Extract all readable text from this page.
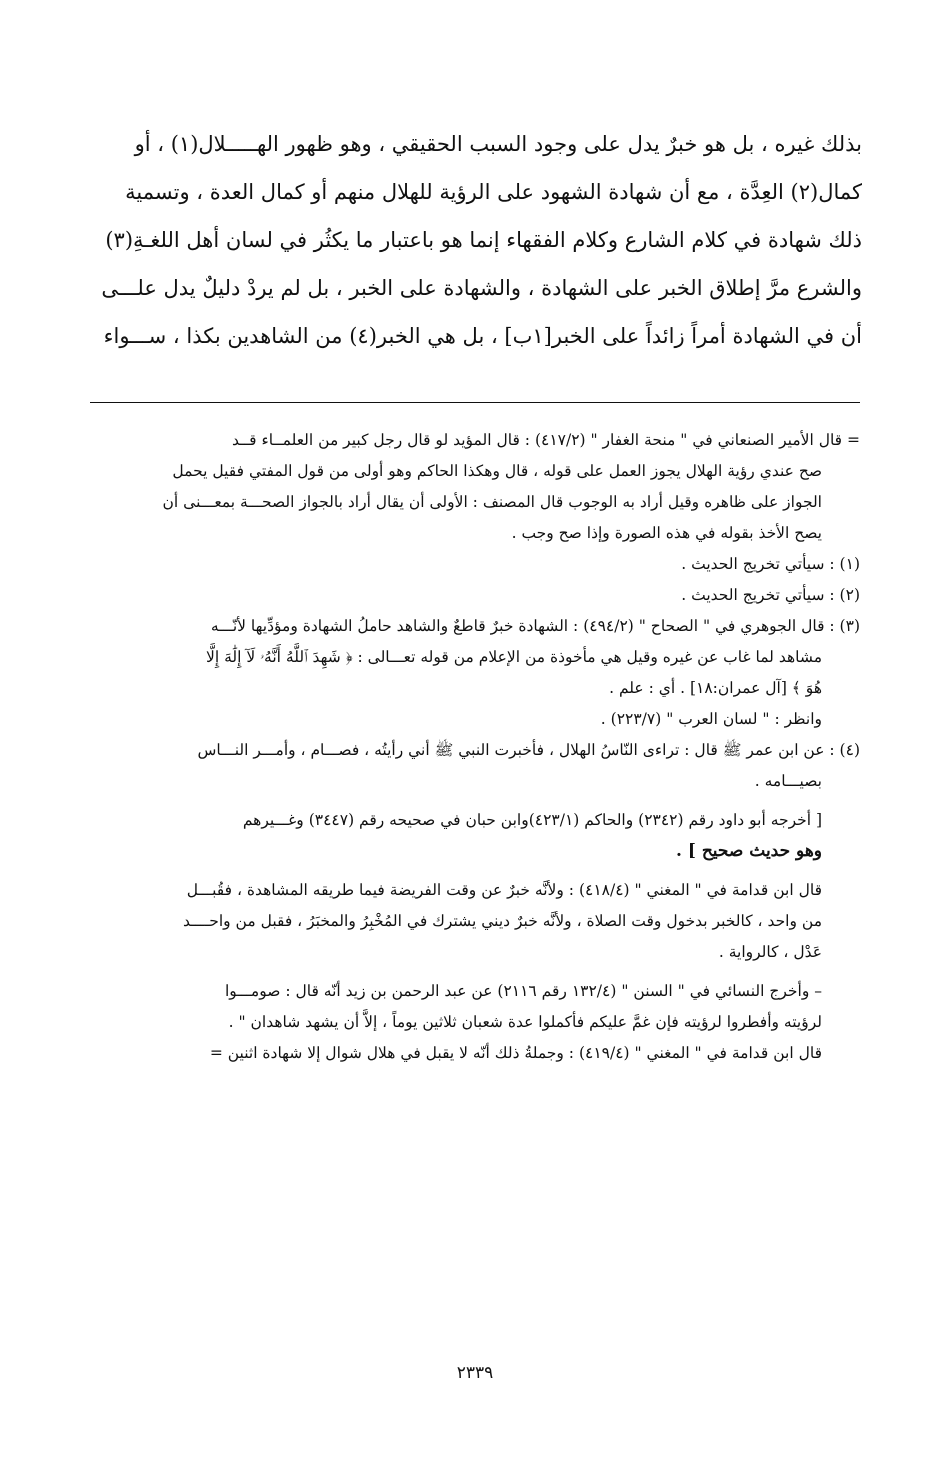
بذلك غيره ، بل هو خبرٌ يدل على وجود السبب الحقيقي ، وهو ظهور الهـــــلال(١) ، أو
كمال(٢) العِدَّة ، مع أن شهادة الشهود على الرؤية للهلال منهم أو كمال العدة ، وتسمية
ذلك شهادة في كلام الشارع وكلام الفقهاء إنما هو باعتبار ما يكثُر في لسان أهل اللغـةِ(٣)
والشرع مرَّ إطلاق الخبر على الشهادة ، والشهادة على الخبر ، بل لم يردْ دليلٌ يدل علـــى
أن في الشهادة أمراً زائداً على الخبر[١ب] ، بل هي الخبر(٤) من الشاهدين بكذا ، ســـواء
= قال الأمير الصنعاني في " منحة الغفار " (٤١٧/٢) : قال المؤيد لو قال رجل كبير من العلمــاء قــد
صح عندي رؤية الهلال يجوز العمل على قوله ، قال وهكذا الحاكم وهو أولى من قول المفتي فقيل يحمل
الجواز على ظاهره وقيل أراد به الوجوب قال المصنف : الأولى أن يقال أراد بالجواز الصحـــة بمعـــنى أن
يصح الأخذ بقوله في هذه الصورة وإذا صح وجب .
(١) : سيأتي تخريج الحديث .
(٢) : سيأتي تخريج الحديث .
(٣) : قال الجوهري في " الصحاح " (٤٩٤/٢) : الشهادة خبرٌ قاطعٌ والشاهد حاملُ الشهادة ومؤدِّيها لأنّـــه
مشاهد لما غاب عن غيره وقيل هي مأخوذة من الإعلام من قوله تعـــالى : ﴿ شَهِدَ ٱللَّهُ أَنَّهُۥ لَآ إِلَٰهَ إِلَّا
هُوَ ﴾ [آل عمران:١٨] . أي : علم .
وانظر : " لسان العرب " (٢٢٣/٧) .
(٤) : عن ابن عمر ﷺ قال : تراءى النّاسُ الهلال ، فأخبرت النبي ﷺ أني رأيتُه ، فصـــام ، وأمـــر النـــاس
بصيـــامه .
[ أخرجه أبو داود رقم (٢٣٤٢) والحاكم (٤٢٣/١)وابن حبان في صحيحه رقم (٣٤٤٧) وغـــيرهم
وهو حديث صحيح ] .
قال ابن قدامة في " المغني " (٤١٨/٤) : ولأنَّه خبرٌ عن وقت الفريضة فيما طريقه المشاهدة ، فقُبـــل
من واحد ، كالخبر بدخول وقت الصلاة ، ولأنَّه خبرٌ ديني يشترك في المُخْبِرُ والمخبَرُ ، فقبل من واحــــد
عَدْل ، كالرواية .
– وأخرج النسائي في " السنن " (١٣٢/٤ رقم ٢١١٦) عن عبد الرحمن بن زيد أنّه قال : صومـــوا
لرؤيته وأفطروا لرؤيته فإن غمَّ عليكم فأكملوا عدة شعبان ثلاثين يوماً ، إلاَّ أن يشهد شاهدان " .
قال ابن قدامة في " المغني " (٤١٩/٤) : وجملةُ ذلك أنّه لا يقبل في هلال شوال إلا شهادة اثنين =
٢٣٣٩
